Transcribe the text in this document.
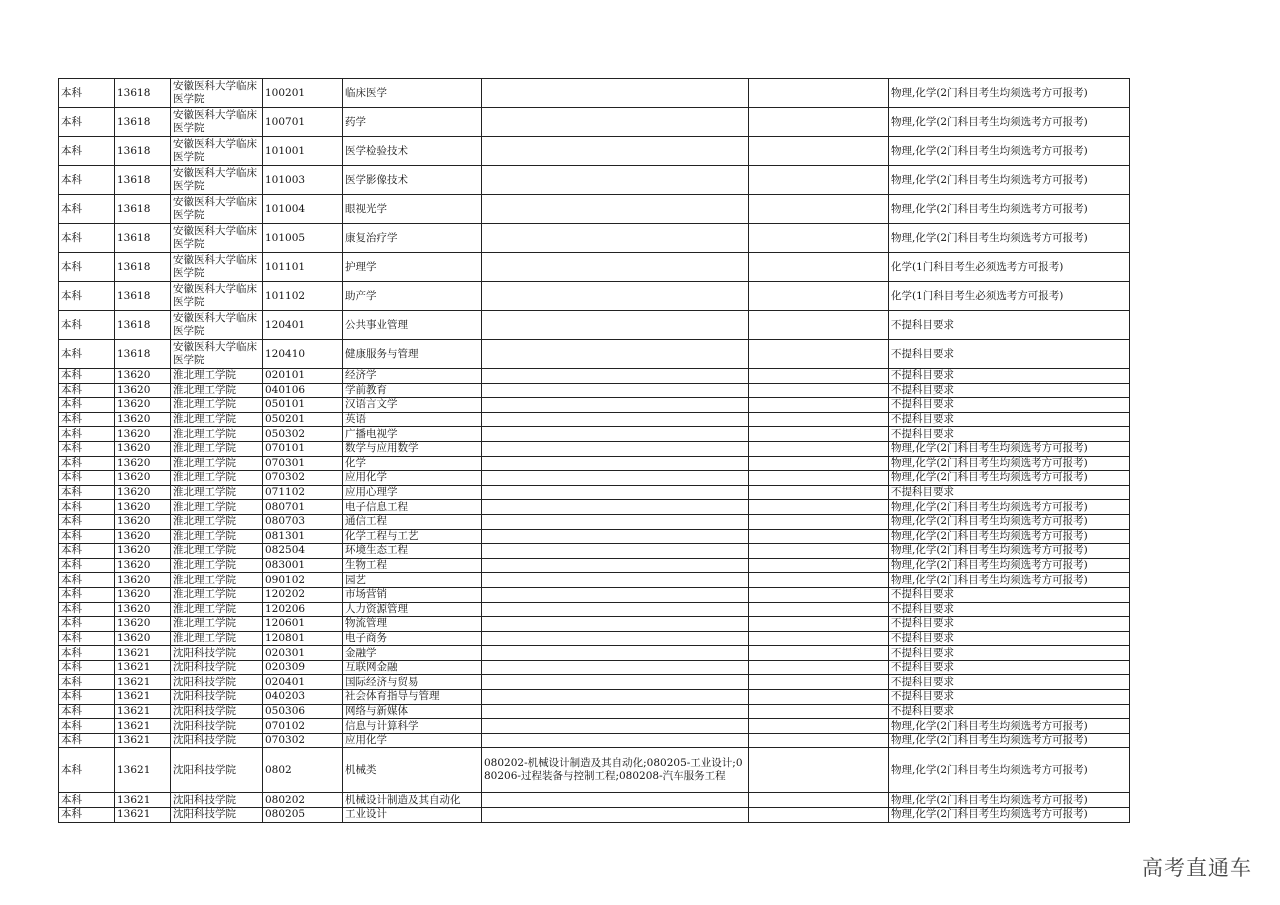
本科	13618	安徽医科大学临床医学院	100201	临床医学			物理,化学(2门科目考生均须选考方可报考)
本科	13618	安徽医科大学临床医学院	100701	药学			物理,化学(2门科目考生均须选考方可报考)
本科	13618	安徽医科大学临床医学院	101001	医学检验技术			物理,化学(2门科目考生均须选考方可报考)
本科	13618	安徽医科大学临床医学院	101003	医学影像技术			物理,化学(2门科目考生均须选考方可报考)
本科	13618	安徽医科大学临床医学院	101004	眼视光学			物理,化学(2门科目考生均须选考方可报考)
本科	13618	安徽医科大学临床医学院	101005	康复治疗学			物理,化学(2门科目考生均须选考方可报考)
本科	13618	安徽医科大学临床医学院	101101	护理学			化学(1门科目考生必须选考方可报考)
本科	13618	安徽医科大学临床医学院	101102	助产学			化学(1门科目考生必须选考方可报考)
本科	13618	安徽医科大学临床医学院	120401	公共事业管理			不提科目要求
本科	13618	安徽医科大学临床医学院	120410	健康服务与管理			不提科目要求
本科	13620	淮北理工学院	020101	经济学			不提科目要求
本科	13620	淮北理工学院	040106	学前教育			不提科目要求
本科	13620	淮北理工学院	050101	汉语言文学			不提科目要求
本科	13620	淮北理工学院	050201	英语			不提科目要求
本科	13620	淮北理工学院	050302	广播电视学			不提科目要求
本科	13620	淮北理工学院	070101	数学与应用数学			物理,化学(2门科目考生均须选考方可报考)
本科	13620	淮北理工学院	070301	化学			物理,化学(2门科目考生均须选考方可报考)
本科	13620	淮北理工学院	070302	应用化学			物理,化学(2门科目考生均须选考方可报考)
本科	13620	淮北理工学院	071102	应用心理学			不提科目要求
本科	13620	淮北理工学院	080701	电子信息工程			物理,化学(2门科目考生均须选考方可报考)
本科	13620	淮北理工学院	080703	通信工程			物理,化学(2门科目考生均须选考方可报考)
本科	13620	淮北理工学院	081301	化学工程与工艺			物理,化学(2门科目考生均须选考方可报考)
本科	13620	淮北理工学院	082504	环境生态工程			物理,化学(2门科目考生均须选考方可报考)
本科	13620	淮北理工学院	083001	生物工程			物理,化学(2门科目考生均须选考方可报考)
本科	13620	淮北理工学院	090102	园艺			物理,化学(2门科目考生均须选考方可报考)
本科	13620	淮北理工学院	120202	市场营销			不提科目要求
本科	13620	淮北理工学院	120206	人力资源管理			不提科目要求
本科	13620	淮北理工学院	120601	物流管理			不提科目要求
本科	13620	淮北理工学院	120801	电子商务			不提科目要求
本科	13621	沈阳科技学院	020301	金融学			不提科目要求
本科	13621	沈阳科技学院	020309	互联网金融			不提科目要求
本科	13621	沈阳科技学院	020401	国际经济与贸易			不提科目要求
本科	13621	沈阳科技学院	040203	社会体育指导与管理			不提科目要求
本科	13621	沈阳科技学院	050306	网络与新媒体			不提科目要求
本科	13621	沈阳科技学院	070102	信息与计算科学			物理,化学(2门科目考生均须选考方可报考)
本科	13621	沈阳科技学院	070302	应用化学			物理,化学(2门科目考生均须选考方可报考)
本科	13621	沈阳科技学院	0802	机械类	080202-机械设计制造及其自动化;080205-工业设计;080206-过程装备与控制工程;080208-汽车服务工程		物理,化学(2门科目考生均须选考方可报考)
本科	13621	沈阳科技学院	080202	机械设计制造及其自动化			物理,化学(2门科目考生均须选考方可报考)
本科	13621	沈阳科技学院	080205	工业设计			物理,化学(2门科目考生均须选考方可报考)
高考直通车
